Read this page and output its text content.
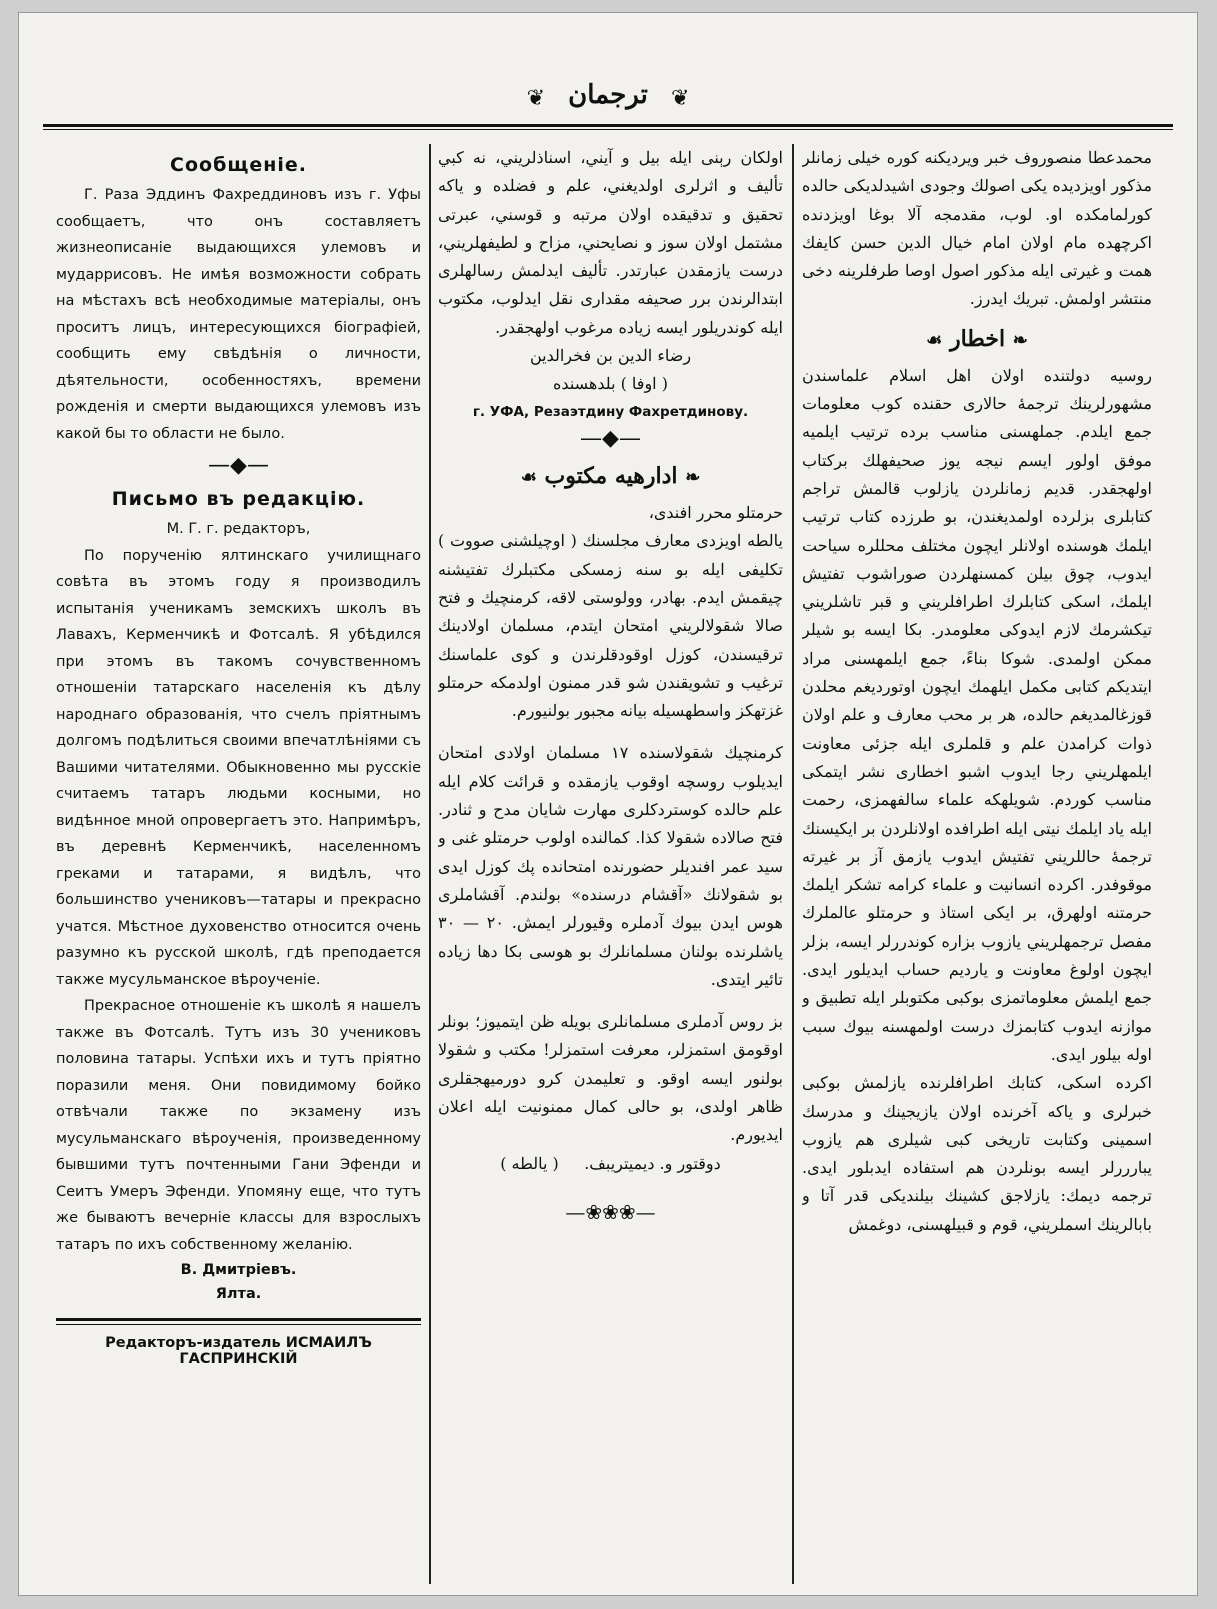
❦ ترجمان ❦
Сообщенiе.

Г. Раза Эддинъ Фахреддиновъ изъ г. Уфы сообщаетъ, что онъ составляетъ жизнеописанiе выдающихся улемовъ и мударрисовъ. Не имѣя возможности собрать на мѣстахъ всѣ необходимые матерiалы, онъ проситъ лицъ, интересующихся бiографiей, сообщить ему свѣдѣнiя о личности, дѣятельности, особенностяхъ, времени рожденiя и смерти выдающихся улемовъ изъ какой бы то области не было.

—◆—
Письмо въ редакцiю.
М. Г. г. редакторъ,

По порученiю ялтинскаго училищнаго совѣта въ этомъ году я производилъ испытанiя ученикамъ земскихъ школъ въ Лавахъ, Керменчикѣ и Фотсалѣ. Я убѣдился при этомъ въ такомъ сочувственномъ отношенiи татарскаго населенiя къ дѣлу народнаго образованiя, что счелъ прiятнымъ долгомъ подѣлиться своими впечатлѣнiями съ Вашими читателями. Обыкновенно мы русскiе считаемъ татаръ людьми косными, но видѣнное мной опровергаетъ это. Напримѣръ, въ деревнѣ Керменчикѣ, населенномъ греками и татарами, я видѣлъ, что большинство учениковъ—татары и прекрасно учатся. Мѣстное духовенство относится очень разумно къ русской школѣ, гдѣ преподается также мусульманское вѣроученiе.

Прекрасное отношенiе къ школѣ я нашелъ также въ Фотсалѣ. Тутъ изъ 30 учениковъ половина татары. Успѣхи ихъ и тутъ прiятно поразили меня. Они повидимому бойко отвѣчали также по экзамену изъ мусульманскаго вѣроученiя, произведенному бывшими тутъ почтенными Гани Эфенди и Сеитъ Умеръ Эфенди. Упомяну еще, что тутъ же бываютъ вечернiе классы для взрослыхъ татаръ по ихъ собственному желанiю.

В. Дмитрiевъ.
Ялта.
Редакторъ-издатель ИСМАИЛЪ ГАСПРИНСКIЙ

اولكان رېنی ايله بيل و آيني، اسناذلريني، نه كبي تأليف و اثرلری اولديغني، علم و فضلده و ياكه تحقيق و تدقيقده اولان مرتبه و قوسني، عبرتی مشتمل اولان سوز و نصايحني، مزاح و لطيفهلريني، درست يازمقدن عبارتدر. تأليف ايدلمش رسالهلری ابتدالرندن برر صحيفه مقداری نقل ايدلوب، مكتوب ايله كوندريلور ايسه زياده مرغوب اولهجقدر.

رضاء الدين بن فخرالدين
( اوفا ) بلدهسنده
г. УФА, Резаэтдину Фахретдинову.
—◆—
❧ ادارهيه مكتوب ☙
حرمتلو محرر افندی،

يالطه اويزدی معارف مجلسنك ( اوچيلشنی صووت ) تكليفی ايله بو سنه زمسكی مكتبلرك تفتيشنه چيقمش ايدم. بهادر، وولوستی لاقه، كرمنچيك و فتح صالا شقولالريني امتحان ايتدم، مسلمان اولادينك ترقيسندن، كوزل اوقودقلرندن و كوی علماسنك ترغيب و تشويقندن شو قدر ممنون اولدمكه حرمتلو غزتهكز واسطهسيله بيانه مجبور بولنيورم.

كرمنچيك شقولاسنده ١٧ مسلمان اولادی امتحان ايديلوب روسچه اوقوب يازمقده و قرائت كلام ايله علم حالده كوستردكلری مهارت شايان مدح و ثنادر. فتح صالاده شقولا كذا. كمالنده اولوب حرمتلو غنی و سيد عمر افنديلر حضورنده امتحانده پك كوزل ايدی بو شقولانك «آقشام درسنده» بولندم. آقشاملری هوس ايدن بيوك آدملره وقيورلر ايمش. ٢٠ — ٣٠ ياشلرنده بولنان مسلمانلرك بو هوسی بكا دها زياده تائير ايتدی.

بز روس آدملری مسلمانلری بويله ظن ايتميوز؛ بونلر اوقومق استمزلر، معرفت استمزلر! مكتب و شقولا بولنور ايسه اوقو. و تعليمدن كرو دورميهجقلری ظاهر اولدی، بو حالی كمال ممنونيت ايله اعلان ايديورم.

دوقتور و. ديميتريبف.     ( يالطه )
—❀❀❀—

محمدعطا منصوروف خبر ويرديكنه كوره خيلی زمانلر مذكور اويزدیده يكی اصولك وجودی اشيدلديكی حالده كورلمامكده او. لوب، مقدمجه آلا بوغا اويزدنده اكرچهده مام اولان امام خيال الدين حسن كايفك همت و غيرتی ايله مذكور اصول اوصا طرفلرينه دخی منتشر اولمش. تبريك ايدرز.

❧ اخطار ☙

روسيه دولتنده اولان اهل اسلام علماسندن مشهورلرينك ترجمهٔ حالاری حقنده كوب معلومات جمع ايلدم. جملهسنی مناسب برده ترتيب ايلميه موفق اولور ايسم نيجه يوز صحيفهلك بركتاب اولهجقدر. قديم زمانلردن يازلوب قالمش تراجم كتابلری بزلرده اولمديغندن، بو طرزده كتاب ترتيب ايلمك هوسنده اولانلر ايچون مختلف محللره سياحت ايدوب، چوق بيلن كمسنهلردن صوراشوب تفتيش ايلمك، اسكی كتابلرك اطرافلريني و قبر تاشلريني تيكشرمك لازم ايدوكی معلومدر. بكا ايسه بو شيلر ممكن اولمدی. شوكا بناءً، جمع ايلمهسنی مراد ايتديكم كتابی مكمل ايلهمك ايچون اوتورديغم محلدن قوزغالمديغم حالده، هر بر محب معارف و علم اولان ذوات كرامدن علم و قلملری ايله جزئی معاونت ايلمهلريني رجا ايدوب اشبو اخطاری نشر ايتمكی مناسب كوردم. شويلهكه علماء سالفهمزی، رحمت ايله ياد ايلمك نيتی ايله اطرافده اولانلردن بر ايكيسنك ترجمهٔ حاللريني تفتيش ايدوب يازمق آز بر غيرته موقوفدر. اكرده انسانيت و علماء كرامه تشكر ايلمك حرمتنه اولهرق، بر ايكی استاذ و حرمتلو عالملرك مفصل ترجمهلريني يازوب بزاره كوندررلر ايسه، بزلر ايچون اولوغ معاونت و يارديم حساب ايديلور ايدی. جمع ايلمش معلوماتمزی بوكبی مكتوبلر ايله تطبيق و موازنه ايدوب كتابمزك درست اولمهسنه بيوك سبب اوله بيلور ايدی.

اكرده اسكی، كتابك اطرافلرنده يازلمش بوكبی خبرلری و ياكه آخرنده اولان يازيجينك و مدرسك اسمينی وكتابت تاريخی كبی شيلری هم يازوب يبارررلر ايسه بونلردن هم استفاده ايدبلور ايدی. ترجمه ديمك: يازلاجق كشينك بيلنديكی قدر آتا و بابالرينك اسملريني، قوم و قبيلهسنی، دوغمش
